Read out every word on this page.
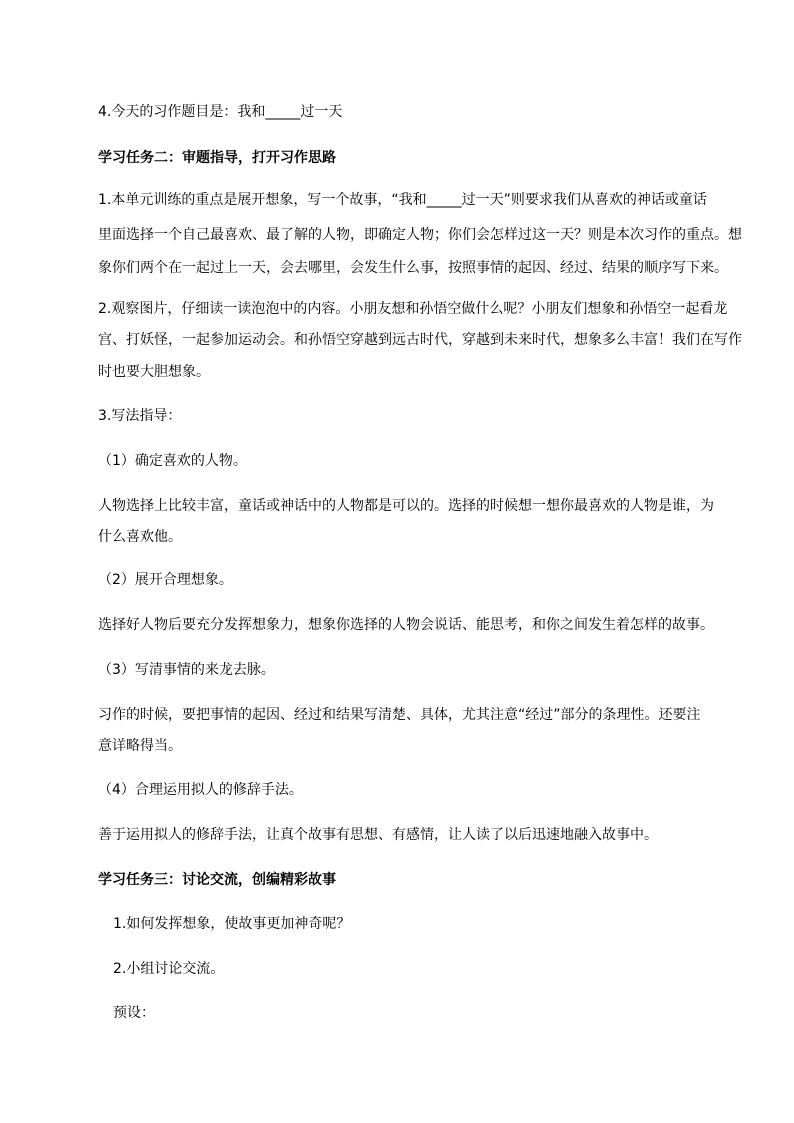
4.今天的习作题目是：我和_____过一天
学习任务二：审题指导，打开习作思路
1.本单元训练的重点是展开想象，写一个故事，“我和_____过一天”则要求我们从喜欢的神话或童话
里面选择一个自己最喜欢、最了解的人物，即确定人物；你们会怎样过这一天？则是本次习作的重点。想
象你们两个在一起过上一天，会去哪里，会发生什么事，按照事情的起因、经过、结果的顺序写下来。
2.观察图片，仔细读一读泡泡中的内容。小朋友想和孙悟空做什么呢？小朋友们想象和孙悟空一起看龙
宫、打妖怪，一起参加运动会。和孙悟空穿越到远古时代，穿越到未来时代，想象多么丰富！我们在写作
时也要大胆想象。
3.写法指导：
（1）确定喜欢的人物。
人物选择上比较丰富，童话或神话中的人物都是可以的。选择的时候想一想你最喜欢的人物是谁，为
什么喜欢他。
（2）展开合理想象。
选择好人物后要充分发挥想象力，想象你选择的人物会说话、能思考，和你之间发生着怎样的故事。
（3）写清事情的来龙去脉。
习作的时候，要把事情的起因、经过和结果写清楚、具体，尤其注意“经过”部分的条理性。还要注
意详略得当。
（4）合理运用拟人的修辞手法。
善于运用拟人的修辞手法，让真个故事有思想、有感情，让人读了以后迅速地融入故事中。
学习任务三：讨论交流，创编精彩故事
1.如何发挥想象，使故事更加神奇呢？
2.小组讨论交流。
预设：
